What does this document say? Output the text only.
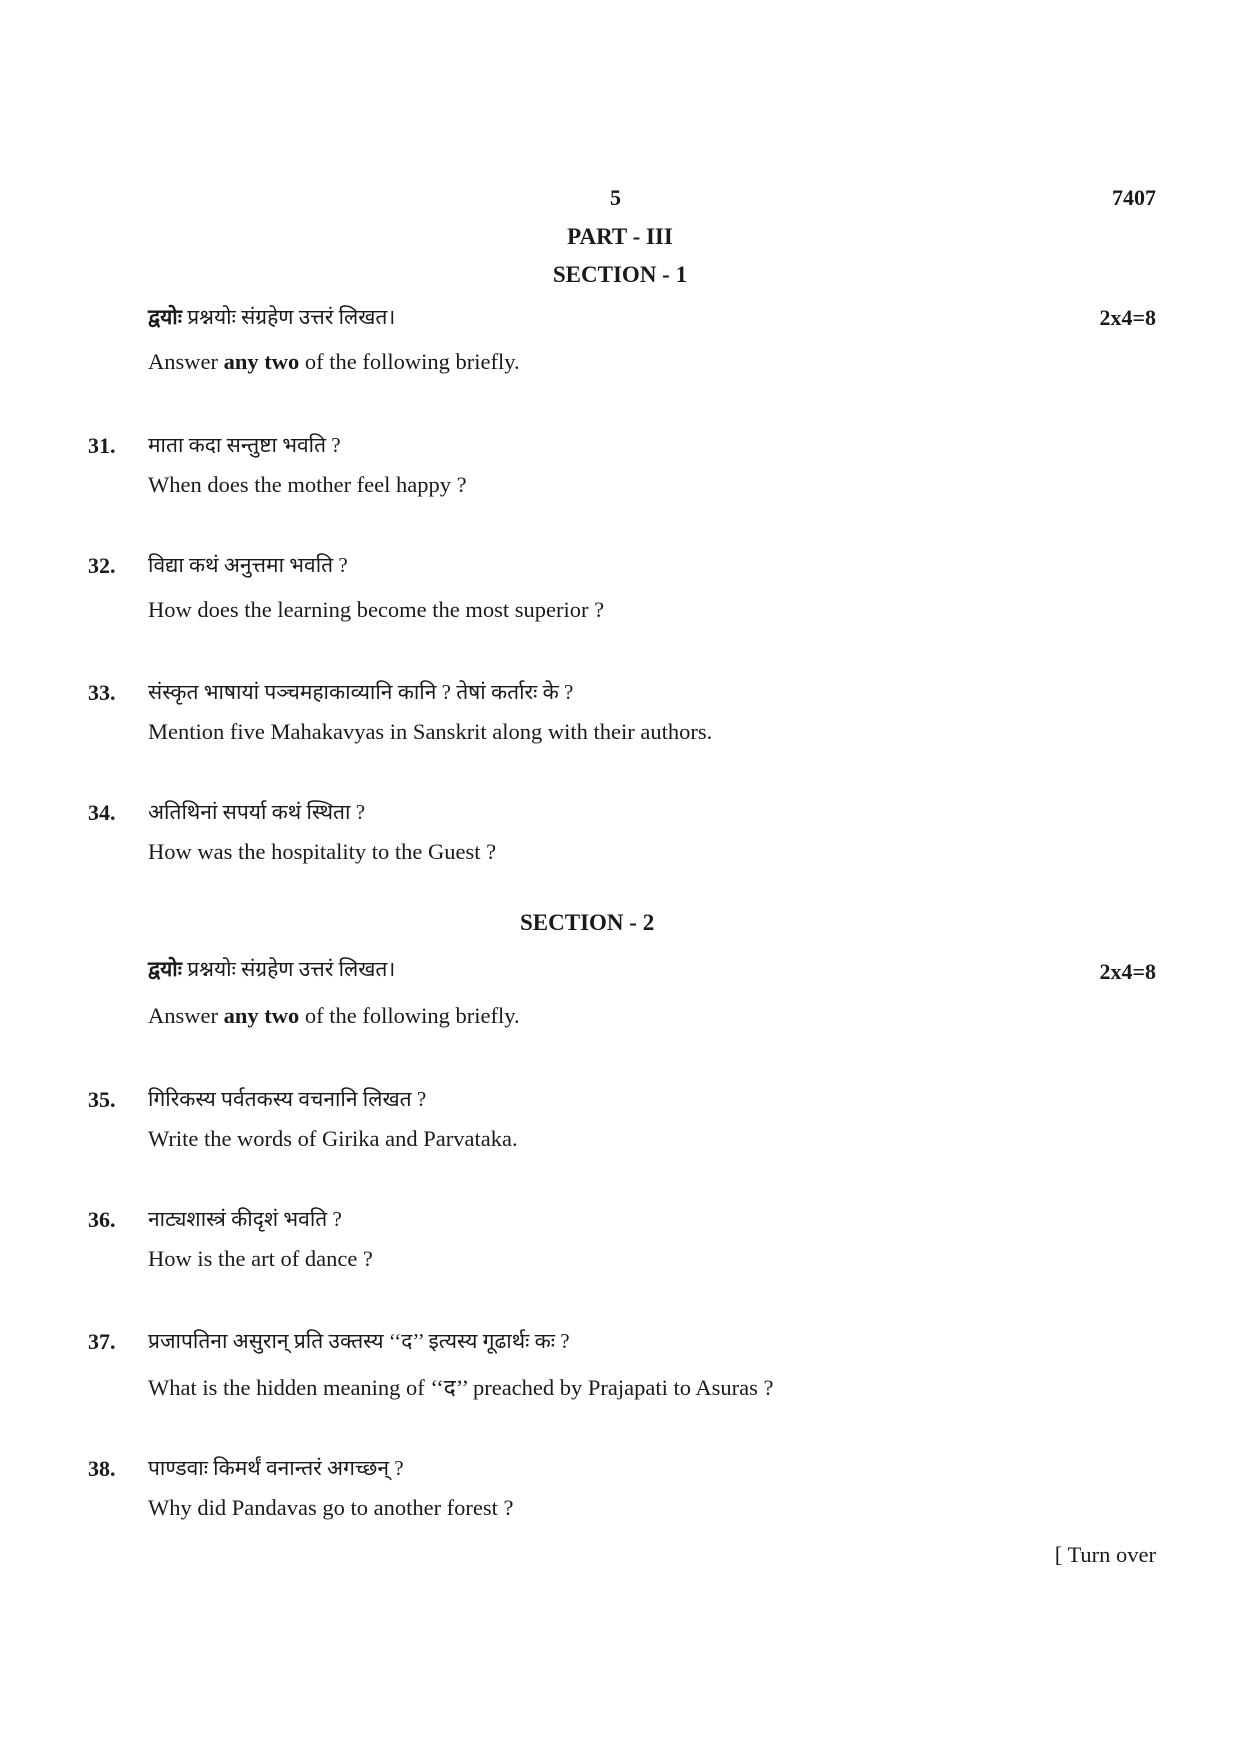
5	7407
PART - III
SECTION - 1
द्वयोः प्रश्नयोः संग्रहेण उत्तरं लिखत।	2x4=8
Answer any two of the following briefly.
31. माता कदा सन्तुष्टा भवति ?
When does the mother feel happy ?
32. विद्या कथं अनुत्तमा भवति ?
How does the learning become the most superior ?
33. संस्कृत भाषायां पञ्चमहाकाव्यानि कानि ? तेषां कर्तारः के ?
Mention five Mahakavyas in Sanskrit along with their authors.
34. अतिथिनां सपर्या कथं स्थिता ?
How was the hospitality to the Guest ?
SECTION - 2
द्वयोः प्रश्नयोः संग्रहेण उत्तरं लिखत।	2x4=8
Answer any two of the following briefly.
35. गिरिकस्य पर्वतकस्य वचनानि लिखत ?
Write the words of Girika and Parvataka.
36. नाट्यशास्त्रं कीदृशं भवति ?
How is the art of dance ?
37. प्रजापतिना असुरान् प्रति उक्तस्य ‘‘द’’ इत्यस्य गूढार्थः कः ?
What is the hidden meaning of ‘‘द’’ preached by Prajapati to Asuras ?
38. पाण्डवाः किमर्थं वनान्तरं अगच्छन् ?
Why did Pandavas go to another forest ?
[ Turn over
